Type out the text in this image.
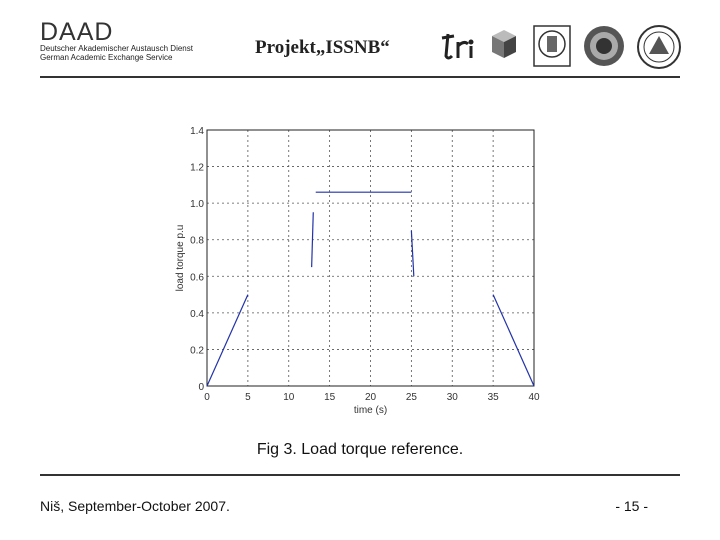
DAAD
Deutscher Akademischer Austausch Dienst
German Academic Exchange Service	Projekt„ISSNB“
0	5	10	15	20	25	30	35	40
0
0.2
0.4
0.6
0.8
1.0
1.2
1.4
time (s)
load torque p.u
Fig 3. Load torque reference.
Niš, September-October 2007.	- 15 -
